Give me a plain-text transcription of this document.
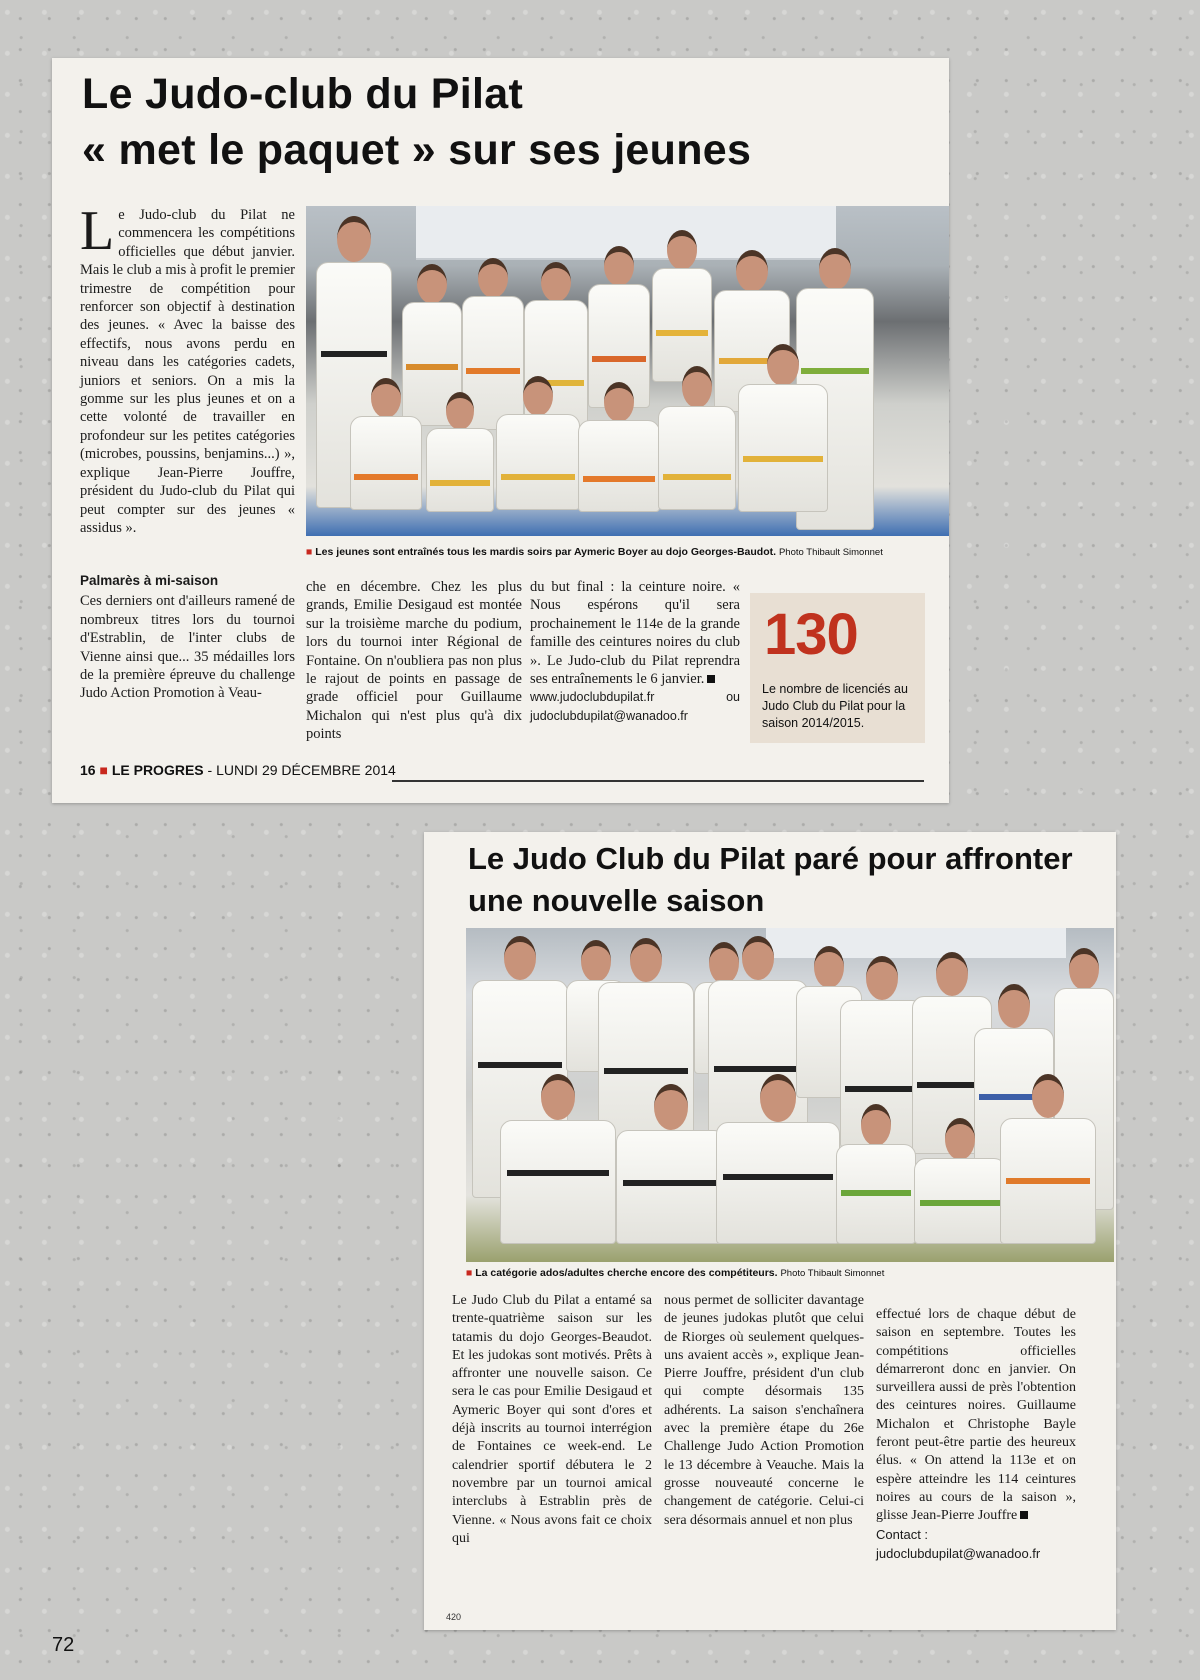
Le Judo-club du Pilat
« met le paquet » sur ses jeunes
Le Judo-club du Pilat ne commencera les compétitions officielles que début janvier. Mais le club a mis à profit le premier trimestre de compétition pour renforcer son objectif à destination des jeunes. « Avec la baisse des effectifs, nous avons perdu en niveau dans les catégories cadets, juniors et seniors. On a mis la gomme sur les plus jeunes et on a cette volonté de travailler en profondeur sur les petites catégories (microbes, poussins, benjamins...) », explique Jean-Pierre Jouffre, président du Judo-club du Pilat qui peut compter sur des jeunes « assidus ».
■ Les jeunes sont entraînés tous les mardis soirs par Aymeric Boyer au dojo Georges-Baudot. Photo Thibault Simonnet
Palmarès à mi-saison
Ces derniers ont d'ailleurs ramené de nombreux titres lors du tournoi d'Estrablin, de l'inter clubs de Vienne ainsi que... 35 médailles lors de la première épreuve du challenge Judo Action Promotion à Veau-
che en décembre. Chez les plus grands, Emilie Desigaud est montée sur la troisième marche du podium, lors du tournoi inter Régional de Fontaine. On n'oubliera pas non plus le rajout de points en passage de grade officiel pour Guillaume Michalon qui n'est plus qu'à dix points
du but final : la ceinture noire. « Nous espérons qu'il sera prochainement le 114e de la grande famille des ceintures noires du club ». Le Judo-club du Pilat reprendra ses entraînements le 6 janvier.
www.judoclubdupilat.fr ou judoclubdupilat@wanadoo.fr
130
Le nombre de licenciés au Judo Club du Pilat pour la saison 2014/2015.
16 ■ LE PROGRES - LUNDI 29 DÉCEMBRE 2014
Le Judo Club du Pilat paré pour affronter
une nouvelle saison
■ La catégorie ados/adultes cherche encore des compétiteurs. Photo Thibault Simonnet
Le Judo Club du Pilat a entamé sa trente-quatrième saison sur les tatamis du dojo Georges-Beaudot. Et les judokas sont motivés. Prêts à affronter une nouvelle saison. Ce sera le cas pour Emilie Desigaud et Aymeric Boyer qui sont d'ores et déjà inscrits au tournoi interrégion de Fontaines ce week-end. Le calendrier sportif débutera le 2 novembre par un tournoi amical interclubs à Estrablin près de Vienne. « Nous avons fait ce choix qui
nous permet de solliciter davantage de jeunes judokas plutôt que celui de Riorges où seulement quelques-uns avaient accès », explique Jean-Pierre Jouffre, président d'un club qui compte désormais 135 adhérents. La saison s'enchaînera avec la première étape du 26e Challenge Judo Action Promotion le 13 décembre à Veauche. Mais la grosse nouveauté concerne le changement de catégorie. Celui-ci sera désormais annuel et non plus
effectué lors de chaque début de saison en septembre. Toutes les compétitions officielles démarreront donc en janvier. On surveillera aussi de près l'obtention des ceintures noires. Guillaume Michalon et Christophe Bayle feront peut-être partie des heureux élus. « On attend la 113e et on espère atteindre les 114 ceintures noires au cours de la saison », glisse Jean-Pierre Jouffre
Contact :
judoclubdupilat@wanadoo.fr
420
72
